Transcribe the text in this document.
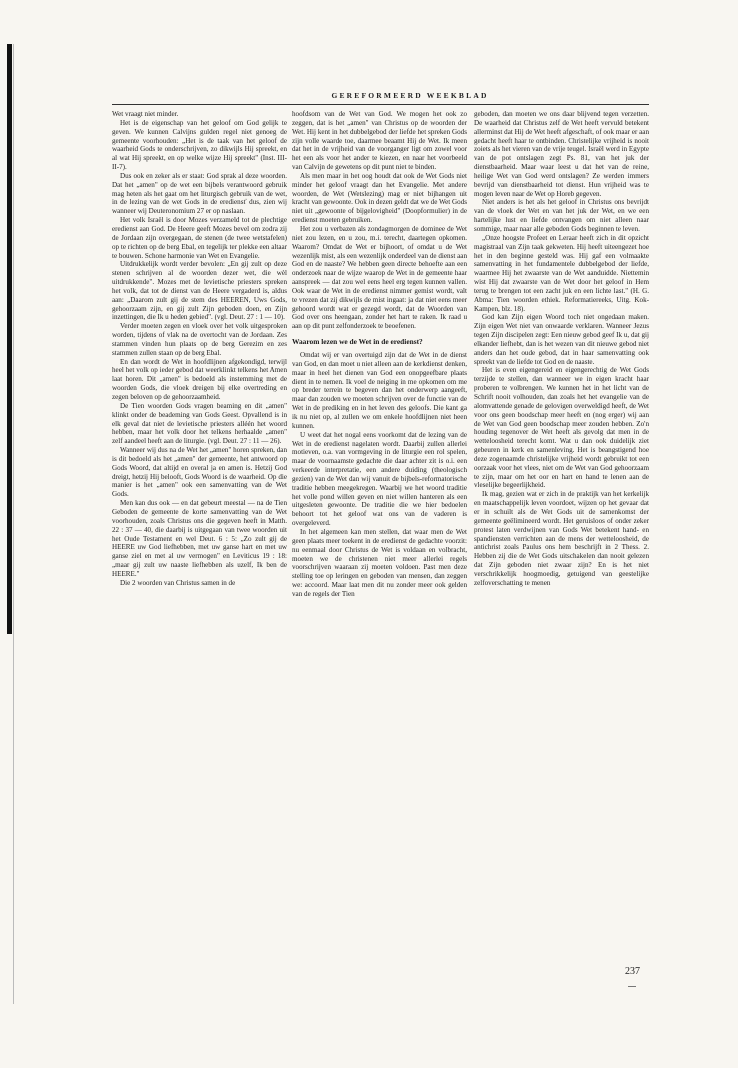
GEREFORMEERD WEEKBLAD

Wet vraagt niet minder.

Het is de eigenschap van het geloof om God gelijk te geven. We kunnen Calvijns gulden regel niet genoeg de gemeente voorhouden: „Het is de taak van het geloof de waarheid Gods te onderschrijven, zo dikwijls Hij spreekt, en al wat Hij spreekt, en op welke wijze Hij spreekt" (Inst. III-II-7).

Dus ook en zeker als er staat: God sprak al deze woorden. Dat het „amen" op de wet een bijbels verantwoord gebruik mag heten als het gaat om het liturgisch gebruik van de wet, in de lezing van de wet Gods in de erediensť dus, zien wij wanneer wij Deuteronomium 27 er op naslaan.

Het volk Israël is door Mozes verzameld tot de plechtige eredienst aan God. De Heere geeft Mozes bevel om zodra zij de Jordaan zijn overgegaan, de stenen (de twee wetstafelen) op te richten op de berg Ebal, en tegelijk ter plekke een altaar te bouwen. Schone harmonie van Wet en Evangelie.

Uitdrukkelijk wordt verder bevolen: „En gij zult op deze stenen schrijven al de woorden dezer wet, die wèl uitdrukkende". Mozes met de levietische priesters spreken het volk, dat tot de dienst van de Heere vergaderd is, aldus aan: „Daarom zult gij de stem des HEEREN, Uws Gods, gehoorzaam zijn, en gij zult Zijn geboden doen, en Zijn inzettingen, die Ik u heden gebied". (vgl. Deut. 27 : 1 — 10).

Verder moeten zegen en vloek over het volk uitgesproken worden, tijdens of vlak na de overtocht van de Jordaan. Zes stammen vinden hun plaats op de berg Gerezim en zes stammen zullen staan op de berg Ebal.

En dan wordt de Wet in hoofdlijnen afgekondigd, terwijl heel het volk op ieder gebod dat weerklinkt telkens het Amen laat horen. Dit „amen" is bedoeld als instemming met de woorden Gods, die vloek dreigen bij elke overtreding en zegen beloven op de gehoorzaamheid.

De Tien woorden Gods vragen beaming en dit „amen" klinkt onder de beademing van Gods Geest. Opvallend is in elk geval dat niet de levietische priesters alléén het woord hebben, maar het volk door het telkens herhaalde „amen" zelf aandeel heeft aan de liturgie. (vgl. Deut. 27 : 11 — 26).

Wanneer wij dus na de Wet het „amen" horen spreken, dan is dit bedoeld als het „amen" der gemeente, het antwoord op Gods Woord, dat altijd en overal ja en amen is. Hetzij God dreigt, hetzij Hij belooft, Gods Woord is de waarheid. Op die manier is het „amen" ook een samenvatting van de Wet Gods.

Men kan dus ook — en dat gebeurt meestal — na de Tien Geboden de gemeente de korte samenvatting van de Wet voorhouden, zoals Christus ons die gegeven heeft in Matth. 22 : 37 — 40, die daarbij is uitgegaan van twee woorden uit het Oude Testament en wel Deut. 6 : 5: „Zo zult gij de HEERE uw God liefhebben, met uw ganse hart en met uw ganse ziel en met al uw vermogen" en Leviticus 19 : 18: „maar gij zult uw naaste liefhebben als uzelf, Ik ben de HEERE."

Die 2 woorden van Christus samen in de

hoofdsom van de Wet van God. We mogen het ook zo zeggen, dat is het „amen" van Christus op de woorden der Wet. Hij kent in het dubbelgebod der liefde het spreken Gods zijn volle waarde toe, daarmee beaamt Hij de Wet. Ik meen dat het in de vrijheid van de voorganger ligt om zowel voor het een als voor het ander te kiezen, en naar het voorbeeld van Calvijn de gewetens op dit punt niet te binden.

Als men maar in het oog houdt dat ook de Wet Gods niet minder het geloof vraagt dan het Evangelie. Met andere woorden, de Wet (Wetslezing) mag er niet bijhangen uit kracht van gewoonte. Ook in dezen geldt dat we de Wet Gods niet uit „gewoonte of bijgelovigheid" (Doopformulier) in de eredienst moeten gebruiken.

Het zou u verbazen als zondagmorgen de dominee de Wet niet zou lezen, en u zou, m.i. terecht, daartegen opkomen. Waarom? Omdat de Wet er bijhoort, of omdat u de Wet wezenlijk mist, als een wezenlijk onderdeel van de dienst aan God en de naaste? We hebben geen directe behoefte aan een onderzoek naar de wijze waarop de Wet in de gemeente haar aanspreek — dat zou wel eens heel erg tegen kunnen vallen. Ook waar de Wet in de eredienst nimmer gemist wordt, valt te vrezen dat zij dikwijls de mist ingaat: ja dat niet eens meer gehoord wordt wat er gezegd wordt, dat de Woorden van God over ons heengaan, zonder het hart te raken. Ik raad u aan op dit punt zelfonderzoek te beoefenen.

Waarom lezen we de Wet in de eredienst?

Omdat wij er van overtuigd zijn dat de Wet in de dienst van God, en dan moet u niet alleen aan de kerkdienst denken, maar in heel het dienen van God een onopgeefbare plaats dient in te nemen. Ik voel de neiging in me opkomen om me op breder terrein te begeven dan het onderwerp aangeeft, maar dan zouden we moeten schrijven over de functie van de Wet in de prediking en in het leven des geloofs. Die kant ga ik nu niet op, al zullen we om enkele hoofdlijnen niet heen kunnen.

U weet dat het nogal eens voorkomt dat de lezing van de Wet in de eredienst nagelaten wordt. Daarbij zullen allerlei motieven, o.a. van vormgeving in de liturgie een rol spelen, maar de voornaamste gedachte die daar achter zit is o.i. een verkeerde interpretatie, een andere duiding (theologisch gezien) van de Wet dan wij vanuit de bijbels-reformatorische traditie hebben meegekregen. Waarbij we het woord traditie het volle pond willen geven en niet willen hanteren als een uitgesleten gewoonte. De traditie die we hier bedoelen behoort tot het geloof wat ons van de vaderen is overgeleverd.

In het algemeen kan men stellen, dat waar men de Wet geen plaats meer toekent in de eredienst de gedachte voorzit: nu eenmaal door Christus de Wet is voldaan en volbracht, moeten we de christenen niet meer allerlei regels voorschrijven waaraan zij moeten voldoen. Past men deze stelling toe op leringen en geboden van mensen, dan zeggen we: accoord. Maar laat men dit nu zonder meer ook gelden van de regels der Tien

geboden, dan moeten we ons daar blijvend tegen verzetten. De waarheid dat Christus zelf de Wet heeft vervuld betekent allerminst dat Hij de Wet heeft afgeschaft, of ook maar er aan gedacht heeft haar te ontbinden. Christelijke vrijheid is nooit zoiets als het vieren van de vrije teugel. Israël werd in Egypte van de pot ontslagen zegt Ps. 81, van het juk der dienstbaarheid. Maar waar leest u dat het van de reine, heilige Wet van God werd ontslagen? Ze werden immers bevrijd van dienstbaarheid tot dienst. Hun vrijheid was te mogen leven naar de Wet op Horeb gegeven.

Niet anders is het als het geloof in Christus ons bevrijdt van de vloek der Wet en van het juk der Wet, en we een hartelijke lust en liefde ontvangen om niet alleen naar sommige, maar naar alle geboden Gods beginnen te leven.

„Onze hoogste Profeet en Leraar heeft zich in dit opzicht magistraal van Zijn taak gekweten. Hij heeft uiteengezet hoe het in den beginne gesteld was. Hij gaf een volmaakte samenvatting in het fundamentele dubbelgebod der liefde, waarmee Hij het zwaarste van de Wet aanduidde. Niettemin wist Hij dat zwaarste van de Wet door het geloof in Hem terug te brengen tot een zacht juk en een lichte last." (H. G. Abma: Tien woorden ethiek. Reformatiereeks, Uitg. Kok-Kampen, blz. 18).

God kan Zijn eigen Woord toch niet ongedaan maken. Zijn eigen Wet niet van onwaarde verklaren. Wanneer Jezus tegen Zijn discipelen zegt: Een nieuw gebod geef Ik u, dat gij elkander liefhebt, dan is het wezen van dit nieuwe gebod niet anders dan het oude gebod, dat in haar samenvatting ook spreekt van de liefde tot God en de naaste.

Het is even eigengereid en eigengerechtig de Wet Gods terzijde te stellen, dan wanneer we in eigen kracht haar proberen te volbrengen. We kunnen het in het licht van de Schrift nooit volhouden, dan zoals het het evangelie van de alomvattende genade de gelovigen overweldigd heeft, de Wet voor ons geen boodschap meer heeft en (nog erger) wij aan de Wet van God geen boodschap meer zouden hebben. Zo'n houding tegenover de Wet heeft als gevolg dat men in de wetteloosheid terecht komt. Wat u dan ook duidelijk ziet gebeuren in kerk en samenleving. Het is beangstigend hoe deze zogenaamde christelijke vrijheid wordt gebruikt tot een oorzaak voor het vlees, niet om de Wet van God gehoorzaam te zijn, maar om het oor en hart en hand te lenen aan de vleselijke begeerlijkheid.

Ik mag, gezien wat er zich in de praktijk van het kerkelijk en maatschappelijk leven voordoet, wijzen op het gevaar dat er in schuilt als de Wet Gods uit de samenkomst der gemeente geëlimineerd wordt. Het geruisloos of onder zeker protest laten verdwijnen van Gods Wet betekent hand- en spandiensten verrichten aan de mens der wetteloosheid, de antichrist zoals Paulus ons hem beschrijft in 2 Thess. 2. Hebben zij die de Wet Gods uitschakelen dan nooit gelezen dat Zijn geboden niet zwaar zijn? En is het niet verschrikkelijk hoogmoedig, getuigend van geestelijke zelfoverschatting te menen

237
